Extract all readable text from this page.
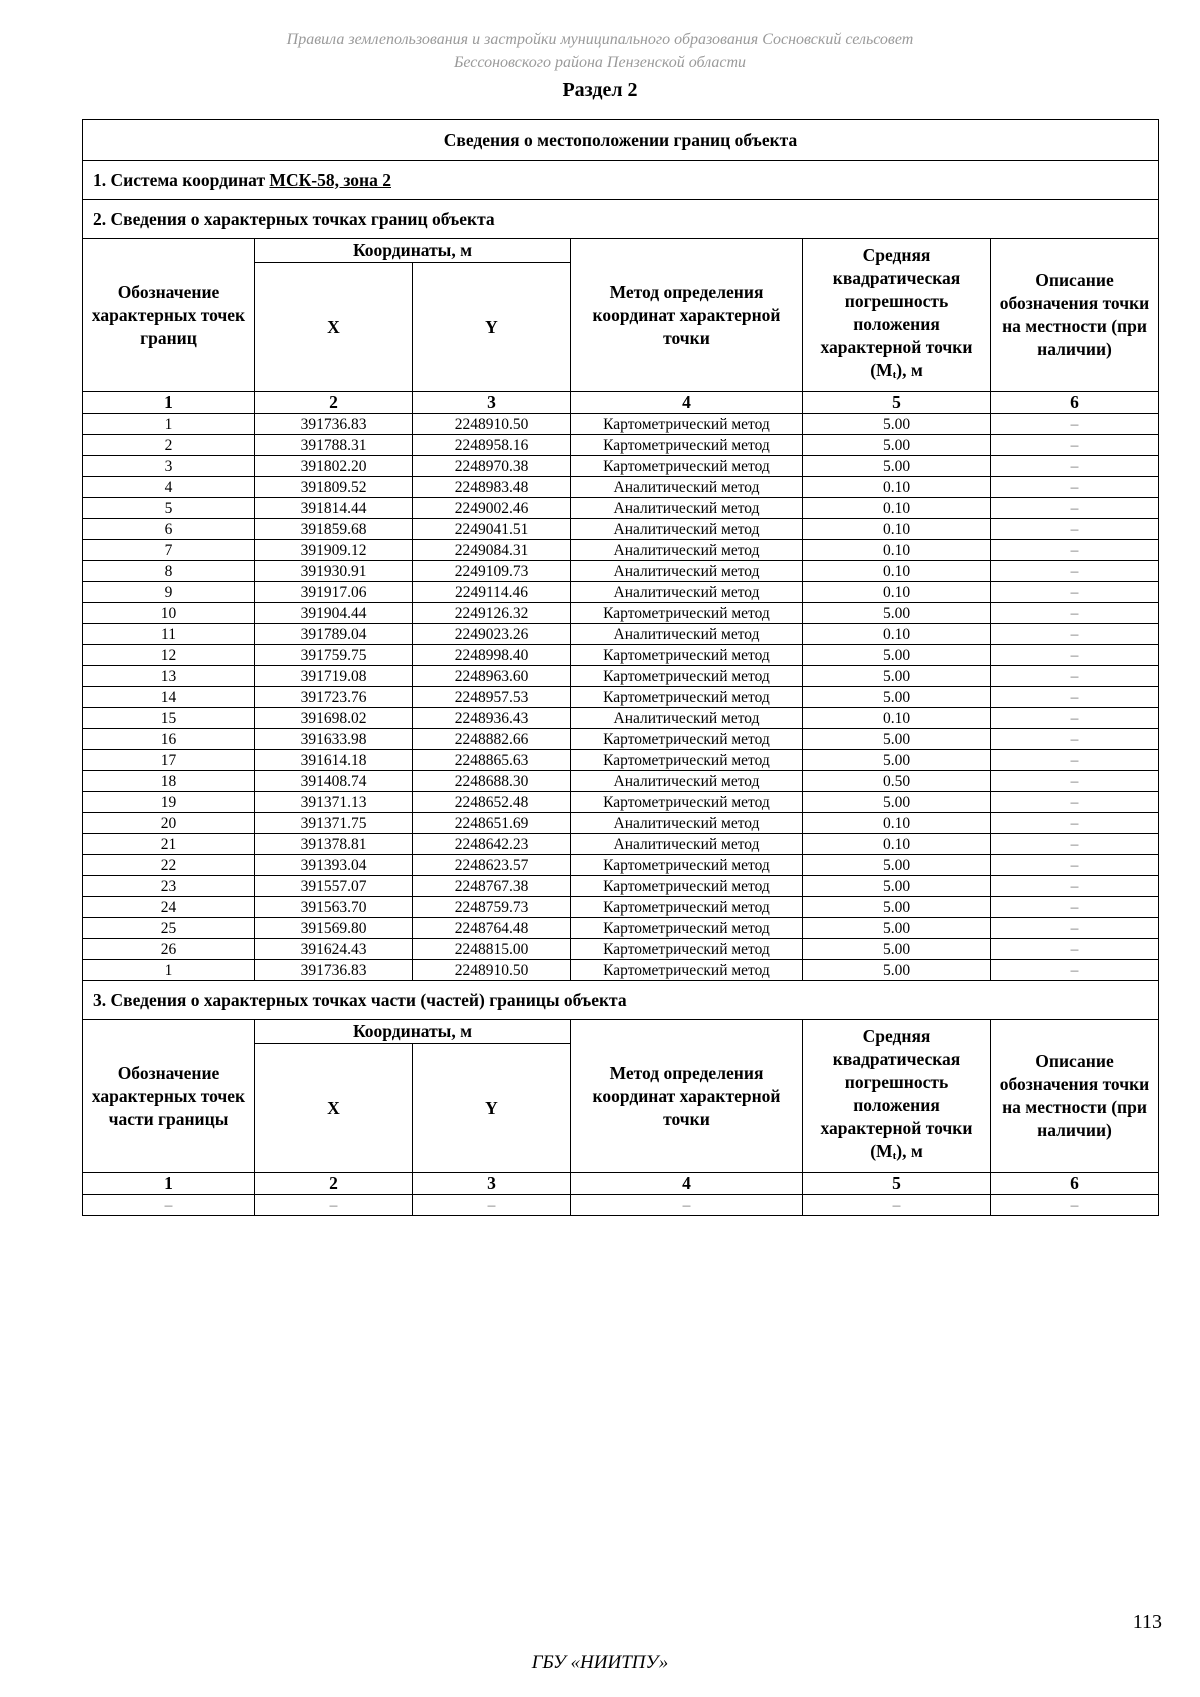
Правила землепользования и застройки муниципального образования Сосновский сельсовет
Бессоновского района Пензенской области
Раздел 2
Сведения о местоположении границ объекта					
1. Система координат МСК-58, зона 2					
2. Сведения о характерных точках границ объекта					
Обозначение характерных точек границ	Координаты, м		Метод определения координат характерной точки	Средняя квадратическая погрешность положения характерной точки (Mt), м	Описание обозначения точки на местности (при наличии)
	X	Y			
1	2	3	4	5	6
1	391736.83	2248910.50	Картометрический метод	5.00	–
2	391788.31	2248958.16	Картометрический метод	5.00	–
3	391802.20	2248970.38	Картометрический метод	5.00	–
4	391809.52	2248983.48	Аналитический метод	0.10	–
5	391814.44	2249002.46	Аналитический метод	0.10	–
6	391859.68	2249041.51	Аналитический метод	0.10	–
7	391909.12	2249084.31	Аналитический метод	0.10	–
8	391930.91	2249109.73	Аналитический метод	0.10	–
9	391917.06	2249114.46	Аналитический метод	0.10	–
10	391904.44	2249126.32	Картометрический метод	5.00	–
11	391789.04	2249023.26	Аналитический метод	0.10	–
12	391759.75	2248998.40	Картометрический метод	5.00	–
13	391719.08	2248963.60	Картометрический метод	5.00	–
14	391723.76	2248957.53	Картометрический метод	5.00	–
15	391698.02	2248936.43	Аналитический метод	0.10	–
16	391633.98	2248882.66	Картометрический метод	5.00	–
17	391614.18	2248865.63	Картометрический метод	5.00	–
18	391408.74	2248688.30	Аналитический метод	0.50	–
19	391371.13	2248652.48	Картометрический метод	5.00	–
20	391371.75	2248651.69	Аналитический метод	0.10	–
21	391378.81	2248642.23	Аналитический метод	0.10	–
22	391393.04	2248623.57	Картометрический метод	5.00	–
23	391557.07	2248767.38	Картометрический метод	5.00	–
24	391563.70	2248759.73	Картометрический метод	5.00	–
25	391569.80	2248764.48	Картометрический метод	5.00	–
26	391624.43	2248815.00	Картометрический метод	5.00	–
1	391736.83	2248910.50	Картометрический метод	5.00	–
3. Сведения о характерных точках части (частей) границы объекта					
Обозначение характерных точек части границы	Координаты, м		Метод определения координат характерной точки	Средняя квадратическая погрешность положения характерной точки (Mt), м	Описание обозначения точки на местности (при наличии)
	X	Y			
1	2	3	4	5	6
–	–	–	–	–	–
113
ГБУ «НИИТПУ»
